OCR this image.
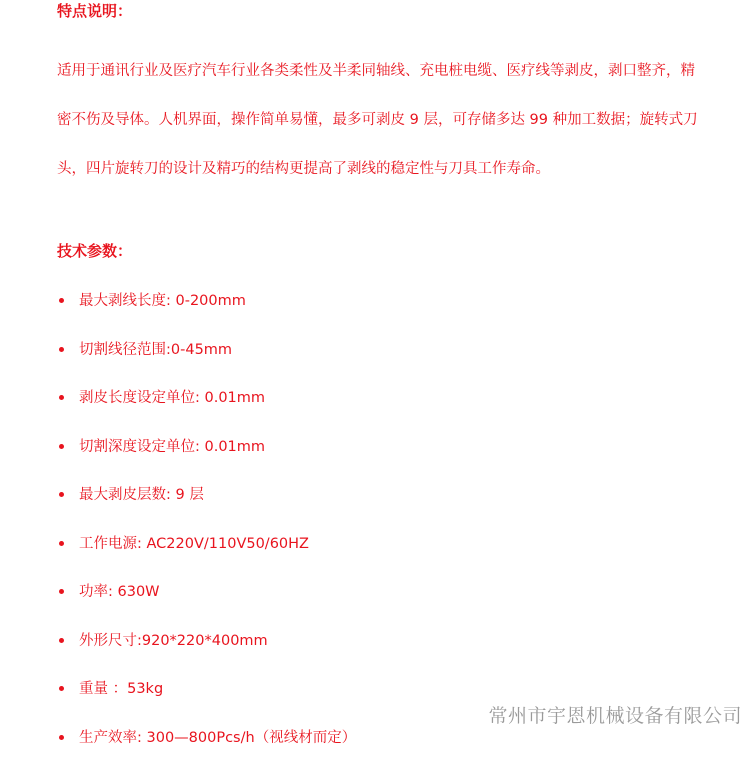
特点说明：

适用于通讯行业及医疗汽车行业各类柔性及半柔同轴线、充电桩电缆、医疗线等剥皮，剥口整齐，精密不伤及导体。人机界面，操作简单易懂，最多可剥皮 9 层，可存储多达 99 种加工数据；旋转式刀头，四片旋转刀的设计及精巧的结构更提高了剥线的稳定性与刀具工作寿命。

技术参数：
最大剥线长度: 0-200mm
切割线径范围:0-45mm
剥皮长度设定单位: 0.01mm
切割深度设定单位: 0.01mm
最大剥皮层数: 9 层
工作电源: AC220V/110V50/60HZ
功率: 630W
外形尺寸:920*220*400mm
重量 ：53kg
生产效率: 300—800Pcs/h（视线材而定）
常州市宇恩机械设备有限公司
